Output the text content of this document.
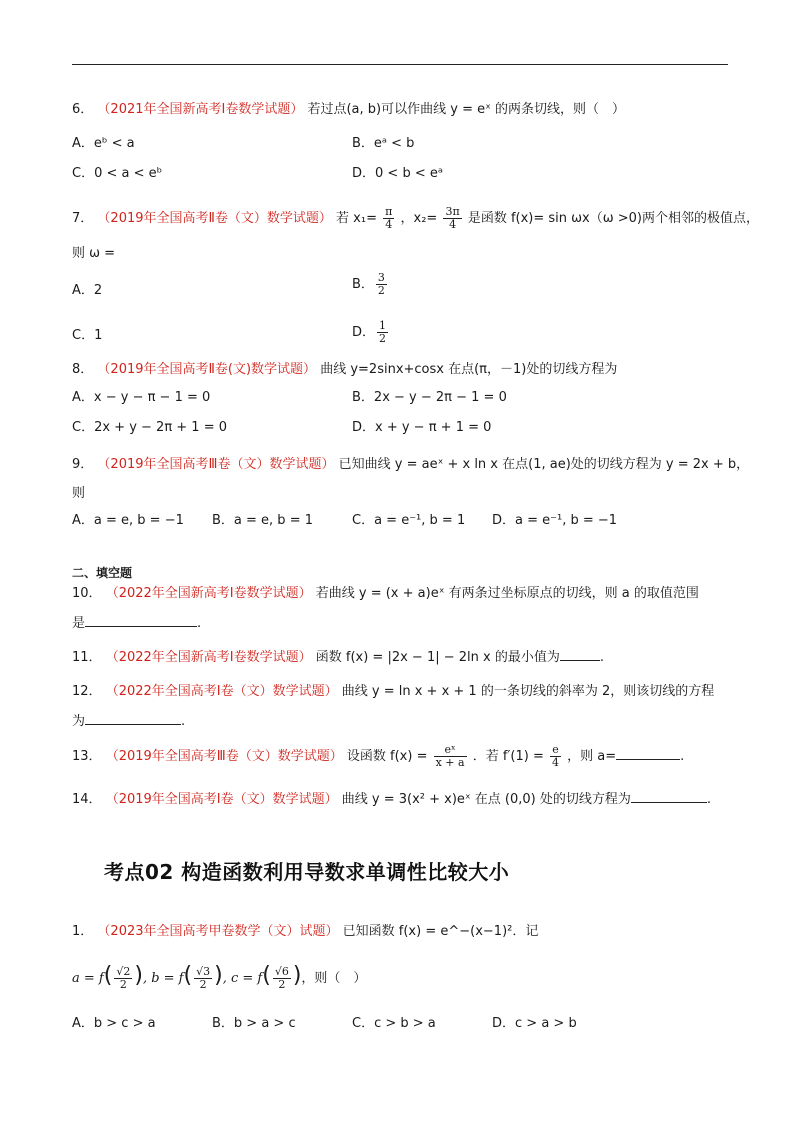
6． （2021年全国新高考Ⅰ卷数学试题） 若过点(a, b)可以作曲线 y = eˣ 的两条切线，则（　）
A．eᵇ < a	B．eᵃ < b
C．0 < a < eᵇ	D．0 < b < eᵃ
7． （2019年全国高考Ⅱ卷（文）数学试题） 若 $x_1= \frac{\pi}{4}$ ，$x_2= \frac{3\pi}{4}$ 是函数 f(x)= sin ωx（ω >0)两个相邻的极值点，
则 ω =
A．2	B． $\frac{3}{2}$
C．1	D． $\frac{1}{2}$
8． （2019年全国高考Ⅱ卷(文)数学试题） 曲线 y=2sinx+cosx 在点(π，－1)处的切线方程为
A．x − y − π − 1 = 0	B．2x − y − 2π − 1 = 0
C．2x + y − 2π + 1 = 0	D．x + y − π + 1 = 0
9． （2019年全国高考Ⅲ卷（文）数学试题） 已知曲线 y = aeˣ + x ln x 在点(1, ae)处的切线方程为 y = 2x + b，
则
A．a = e, b = −1 B．a = e, b = 1	C．a = e⁻¹, b = 1 D．a = e⁻¹, b = −1
二、填空题
10． （2022年全国新高考Ⅰ卷数学试题） 若曲线 y = (x + a)eˣ 有两条过坐标原点的切线，则 a 的取值范围
是	.
11． （2022年全国新高考Ⅰ卷数学试题） 函数 f(x) = |2x − 1| − 2ln x 的最小值为	.
12． （2022年全国高考Ⅰ卷（文）数学试题） 曲线 y = ln x + x + 1 的一条切线的斜率为 2，则该切线的方程
为	.
13． （2019年全国高考Ⅲ卷（文）数学试题） 设函数 $f(x) = \frac{\text{eˣ}}{x + a}$ ．若 $f'(1) = \frac{e}{4}$ ，则 a=	.
14． （2019年全国高考Ⅰ卷（文）数学试题） 曲线 y = 3(x² + x)eˣ 在点 (0,0) 处的切线方程为	.
考点02 构造函数利用导数求单调性比较大小
1． （2023年全国高考甲卷数学（文）试题） 已知函数 f(x) = e^−(x−1)²．记
$a = f( \frac{√2}{2}$ ), $b = f( \frac{√3}{2}$ ), $c = f( \frac{√6}{2}$ )，则（　）
A．b > c > a	B．b > a > c	C．c > b > a	D．c > a > b
